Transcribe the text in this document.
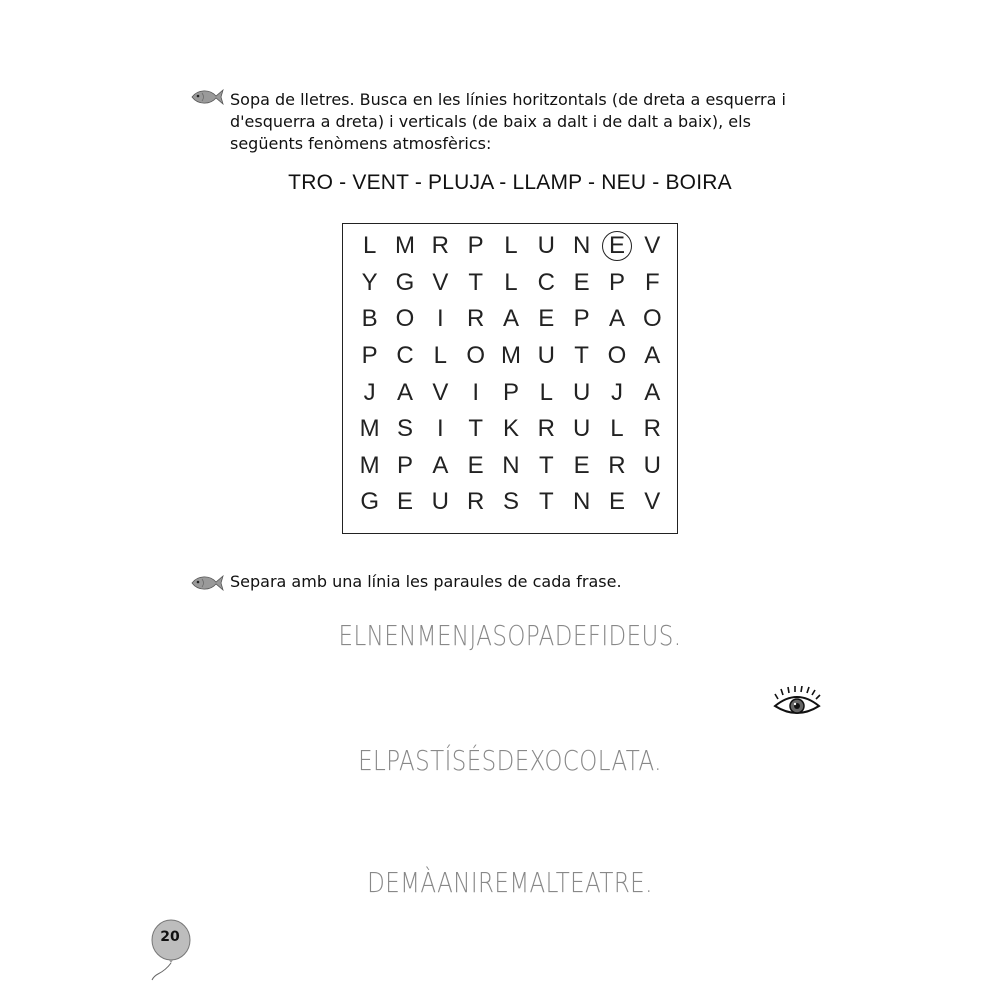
Sopa de lletres. Busca en les línies horitzontals (de dreta a esquerra i d'esquerra a dreta) i verticals (de baix a dalt i de dalt a baix), els següents fenòmens atmosfèrics:
TRO - VENT - PLUJA - LLAMP - NEU - BOIRA
L M R P L U N E V
Y G V T L C E P F
B O I R A E P A O
P C L O M U T O A
J A V I P L U J A
M S I	T K R U L R
M P A E N T E R U
G E U R S T N E V
Separa amb una línia les paraules de cada frase.
ELNENMENJASOPADEFIDEUS.
ELPASTÍSÉSDEXOCOLATA.
DEMÀANIREMALTEATRE.
20
